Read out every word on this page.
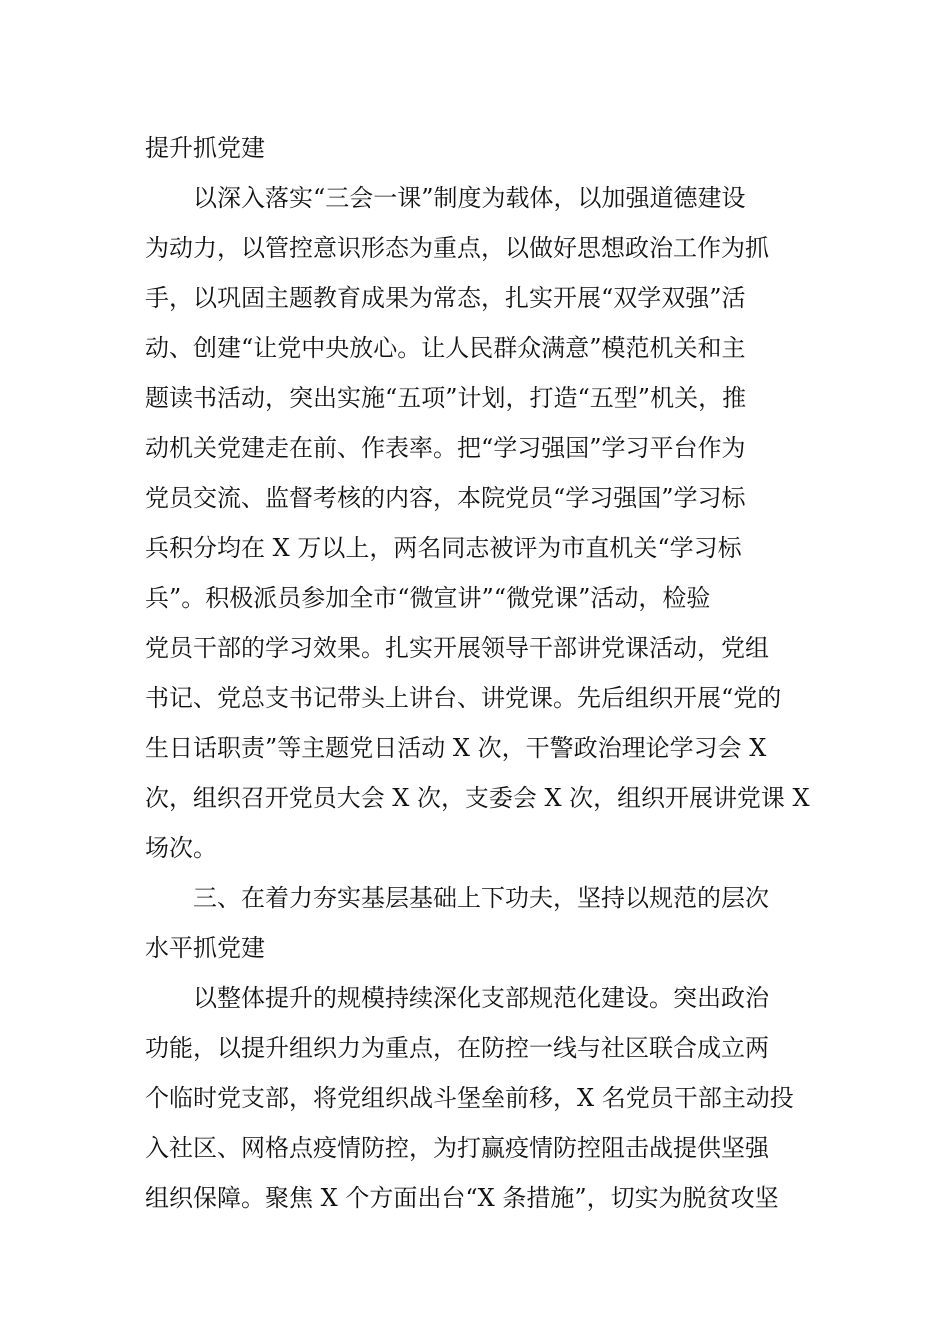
提升抓党建
以深入落实“三会一课”制度为载体，以加强道德建设
为动力，以管控意识形态为重点，以做好思想政治工作为抓
手，以巩固主题教育成果为常态，扎实开展“双学双强”活
动、创建“让党中央放心。让人民群众满意”模范机关和主
题读书活动，突出实施“五项”计划，打造“五型”机关，推
动机关党建走在前、作表率。把“学习强国”学习平台作为
党员交流、监督考核的内容，本院党员“学习强国”学习标
兵积分均在 X 万以上，两名同志被评为市直机关“学习标
兵”。积极派员参加全市“微宣讲”“微党课”活动，检验
党员干部的学习效果。扎实开展领导干部讲党课活动，党组
书记、党总支书记带头上讲台、讲党课。先后组织开展“党的
生日话职责”等主题党日活动 X 次，干警政治理论学习会 X
次，组织召开党员大会 X 次，支委会 X 次，组织开展讲党课 X
场次。
三、在着力夯实基层基础上下功夫，坚持以规范的层次
水平抓党建
以整体提升的规模持续深化支部规范化建设。突出政治
功能，以提升组织力为重点，在防控一线与社区联合成立两
个临时党支部，将党组织战斗堡垒前移，X 名党员干部主动投
入社区、网格点疫情防控，为打赢疫情防控阻击战提供坚强
组织保障。聚焦 X 个方面出台“X 条措施”，切实为脱贫攻坚
